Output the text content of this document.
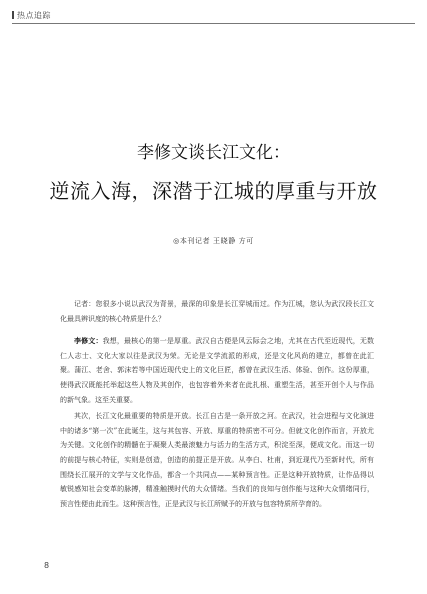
热点追踪
李修文谈长江文化：
逆流入海，深潜于江城的厚重与开放
◎本刊记者 王晓静 方可

记者：您很多小说以武汉为背景，最深的印象是长江穿城而过。作为江城，您认为武汉段长江文化最具辨识度的核心特质是什么？

李修文：我想，最核心的第一是厚重。武汉自古便是风云际会之地，尤其在古代至近现代，无数仁人志士、文化大家以往是武汉为荣。无论是文学流派的形成，还是文化风尚的建立，都曾在此汇聚。蒲江、老舍、郭沫若等中国近现代史上的文化巨匠，都曾在武汉生活、体验、创作。这份厚重，使得武汉既能托举起这些人物及其创作，也包容着外来者在此扎根、重塑生活，甚至开创个人与作品的新气象。这至关重要。

其次，长江文化最重要的特质是开放。长江自古是一条开放之河。在武汉，社会进程与文化演进中的诸多“第一次”在此诞生，这与其包容、开放、厚重的特质密不可分。但就文化创作而言，开放尤为关键。文化创作的精髓在于凝聚人类最滚魅力与活力的生活方式，积淀至深，便成文化。而这一切的前提与核心特征，实则是创造，创造的前提正是开放。从李白、杜甫，到近现代乃至新时代，所有围绕长江展开的文学与文化作品，都含一个共同点——某种预言性。正是这种开放特质，让作品得以敏锐感知社会变革的脉搏，精准触摸时代的大众情绪。当我们的良知与创作能与这种大众情绪同行，预言性便由此而生。这种预言性，正是武汉与长江所赋予的开放与包容特质所孕育的。

8
